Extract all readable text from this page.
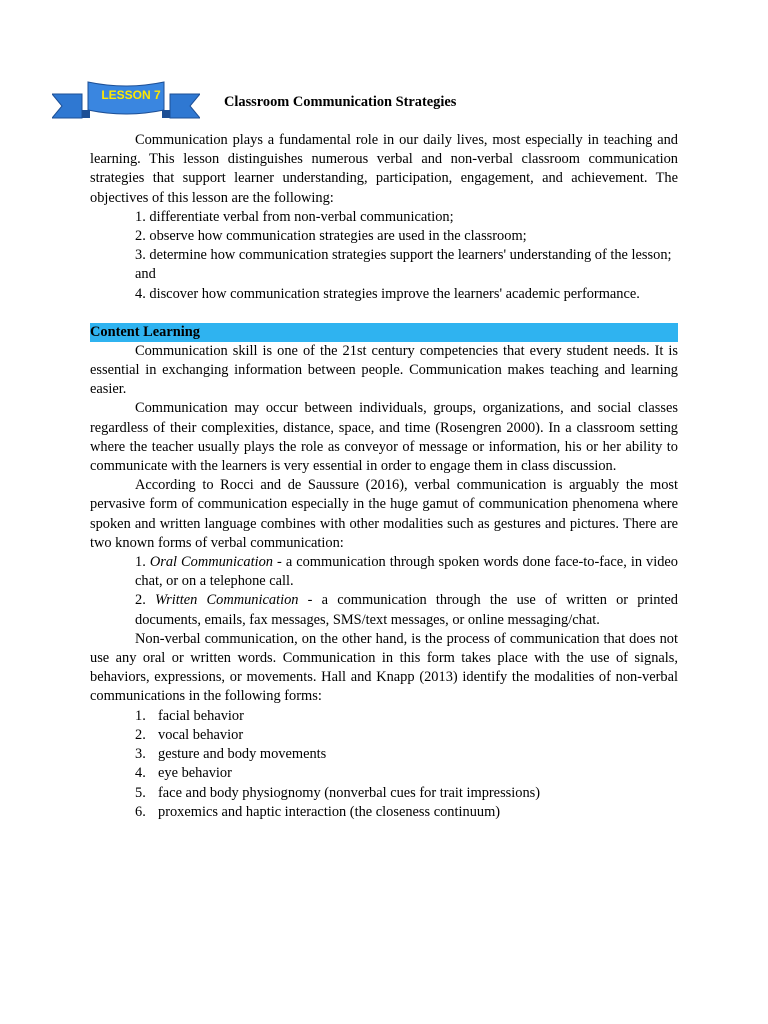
LESSON 7	Classroom Communication Strategies

Communication plays a fundamental role in our daily lives, most especially in teaching and learning. This lesson distinguishes numerous verbal and non-verbal classroom communication strategies that support learner understanding, participation, engagement, and achievement. The objectives of this lesson are the following:

1. differentiate verbal from non-verbal communication;
2. observe how communication strategies are used in the classroom;
3. determine how communication strategies support the learners' understanding of the lesson; and
4. discover how communication strategies improve the learners' academic performance.
Content Learning

Communication skill is one of the 21st century competencies that every student needs. It is essential in exchanging information between people. Communication makes teaching and learning easier.

Communication may occur between individuals, groups, organizations, and social classes regardless of their complexities, distance, space, and time (Rosengren 2000). In a classroom setting where the teacher usually plays the role as conveyor of message or information, his or her ability to communicate with the learners is very essential in order to engage them in class discussion.

According to Rocci and de Saussure (2016), verbal communication is arguably the most pervasive form of communication especially in the huge gamut of communication phenomena where spoken and written language combines with other modalities such as gestures and pictures. There are two known forms of verbal communication:

1. Oral Communication - a communication through spoken words done face-to-face, in video chat, or on a telephone call.
2. Written Communication - a communication through the use of written or printed documents, emails, fax messages, SMS/text messages, or online messaging/chat.

Non-verbal communication, on the other hand, is the process of communication that does not use any oral or written words. Communication in this form takes place with the use of signals, behaviors, expressions, or movements. Hall and Knapp (2013) identify the modalities of non-verbal communications in the following forms:

1. facial behavior
2. vocal behavior
3. gesture and body movements
4. eye behavior
5. face and body physiognomy (nonverbal cues for trait impressions)
6. proxemics and haptic interaction (the closeness continuum)
